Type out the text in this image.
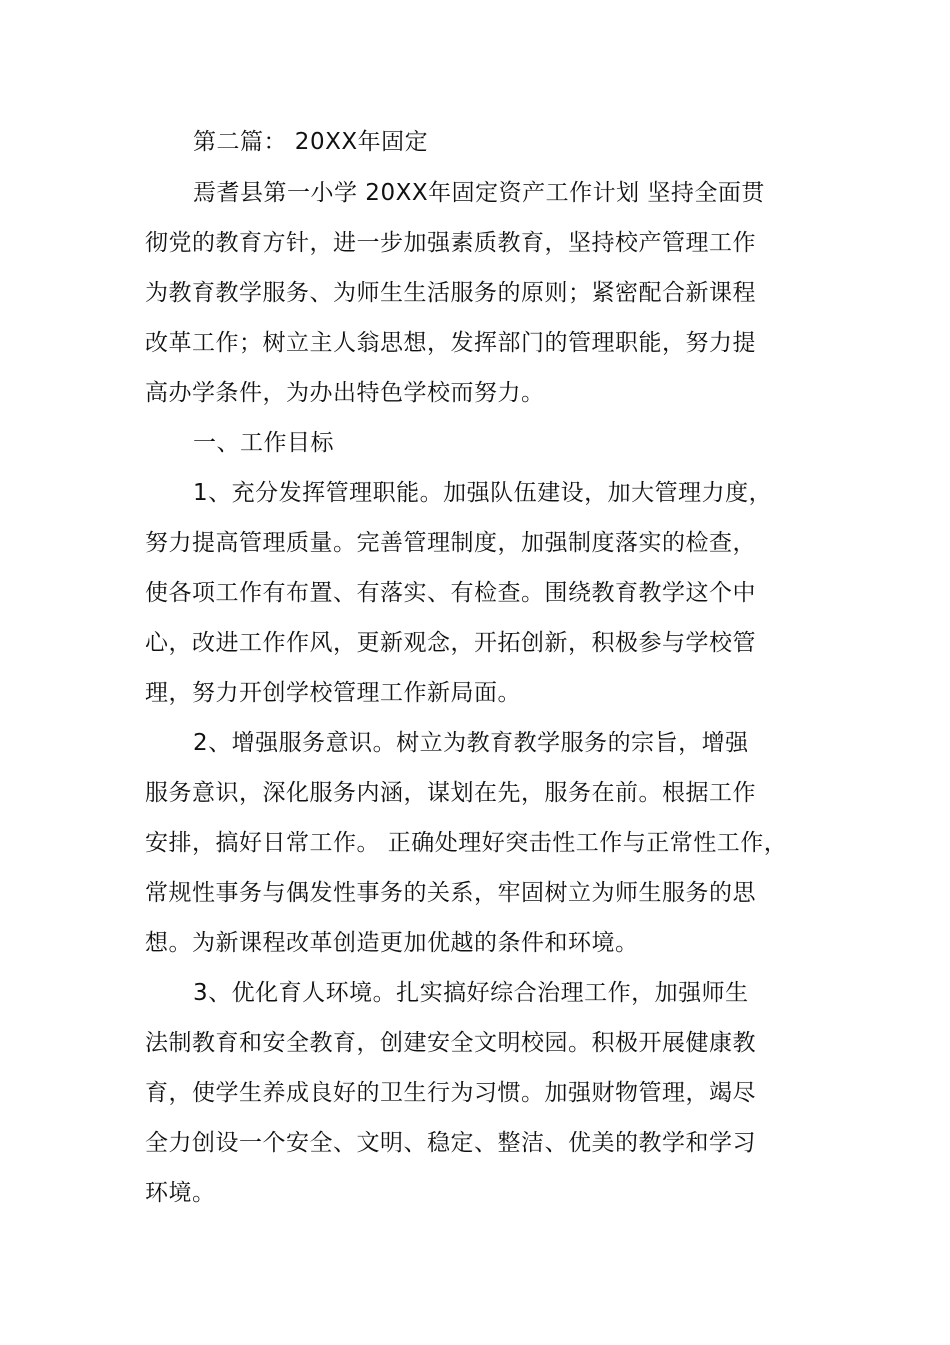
第二篇： 20XX年固定
焉耆县第一小学 20XX年固定资产工作计划 坚持全面贯
彻党的教育方针，进一步加强素质教育，坚持校产管理工作
为教育教学服务、为师生生活服务的原则；紧密配合新课程
改革工作；树立主人翁思想，发挥部门的管理职能，努力提
高办学条件，为办出特色学校而努力。
一、工作目标
1、充分发挥管理职能。加强队伍建设，加大管理力度，
努力提高管理质量。完善管理制度，加强制度落实的检查，
使各项工作有布置、有落实、有检查。围绕教育教学这个中
心，改进工作作风，更新观念，开拓创新，积极参与学校管
理，努力开创学校管理工作新局面。
2、增强服务意识。树立为教育教学服务的宗旨，增强
服务意识，深化服务内涵，谋划在先，服务在前。根据工作
安排，搞好日常工作。 正确处理好突击性工作与正常性工作，
常规性事务与偶发性事务的关系，牢固树立为师生服务的思
想。为新课程改革创造更加优越的条件和环境。
3、优化育人环境。扎实搞好综合治理工作，加强师生
法制教育和安全教育，创建安全文明校园。积极开展健康教
育，使学生养成良好的卫生行为习惯。加强财物管理，竭尽
全力创设一个安全、文明、稳定、整洁、优美的教学和学习
环境。
